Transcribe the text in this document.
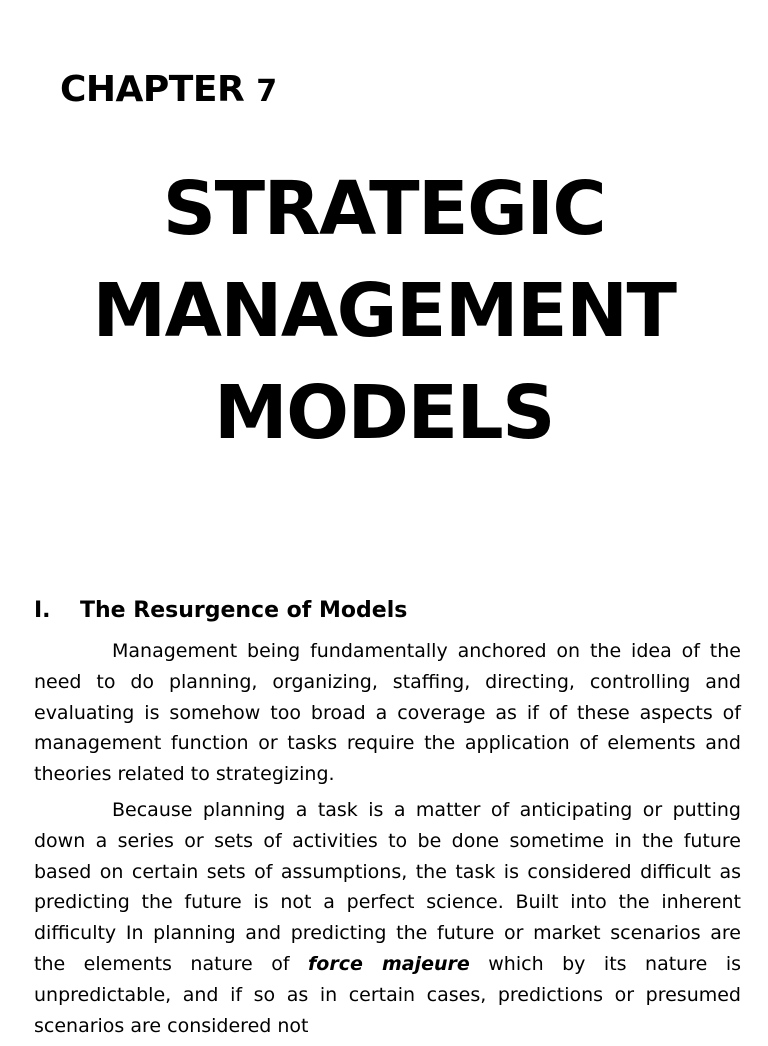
CHAPTER 7
STRATEGIC
MANAGEMENT
MODELS
I. The Resurgence of Models

Management being fundamentally anchored on the idea of the need to do planning, organizing, staffing, directing, controlling and evaluating is somehow too broad a coverage as if of these aspects of management function or tasks require the application of elements and theories related to strategizing.

Because planning a task is a matter of anticipating or putting down a series or sets of activities to be done sometime in the future based on certain sets of assumptions, the task is considered difficult as predicting the future is not a perfect science. Built into the inherent difficulty In planning and predicting the future or market scenarios are the elements nature of force majeure which by its nature is unpredictable, and if so as in certain cases, predictions or presumed scenarios are considered not
